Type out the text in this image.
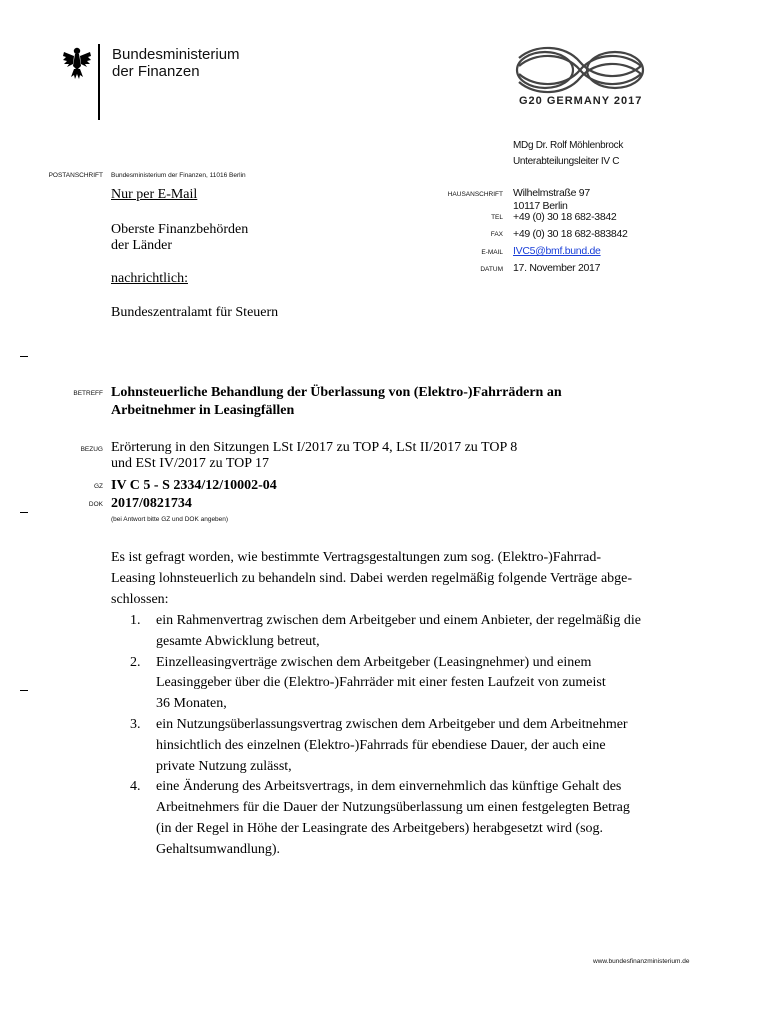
Bundesministerium
der Finanzen
G20 GERMANY 2017
MDg Dr. Rolf Möhlenbrock
Unterabteilungsleiter IV C
POSTANSCHRIFT Bundesministerium der Finanzen, 11016 Berlin
HAUSANSCHRIFT Wilhelmstraße 97
10117 Berlin
TEL +49 (0) 30 18 682-3842
FAX +49 (0) 30 18 682-883842
E-MAIL IVC5@bmf.bund.de
DATUM 17. November 2017
Nur per E-Mail
Oberste Finanzbehörden
der Länder
nachrichtlich:
Bundeszentralamt für Steuern
BETREFF Lohnsteuerliche Behandlung der Überlassung von (Elektro-)Fahrrädern an
Arbeitnehmer in Leasingfällen
BEZUG Erörterung in den Sitzungen LSt I/2017 zu TOP 4, LSt II/2017 zu TOP 8
und ESt IV/2017 zu TOP 17
GZ IV C 5 - S 2334/12/10002-04
DOK 2017/0821734
(bei Antwort bitte GZ und DOK angeben)
Es ist gefragt worden, wie bestimmte Vertragsgestaltungen zum sog. (Elektro-)Fahrrad-
Leasing lohnsteuerlich zu behandeln sind. Dabei werden regelmäßig folgende Verträge abge-
schlossen:
1. ein Rahmenvertrag zwischen dem Arbeitgeber und einem Anbieter, der regelmäßig die
gesamte Abwicklung betreut,
2. Einzelleasingverträge zwischen dem Arbeitgeber (Leasingnehmer) und einem
Leasinggeber über die (Elektro-)Fahrräder mit einer festen Laufzeit von zumeist
36 Monaten,
3. ein Nutzungsüberlassungsvertrag zwischen dem Arbeitgeber und dem Arbeitnehmer
hinsichtlich des einzelnen (Elektro-)Fahrrads für ebendiese Dauer, der auch eine
private Nutzung zulässt,
4. eine Änderung des Arbeitsvertrags, in dem einvernehmlich das künftige Gehalt des
Arbeitnehmers für die Dauer der Nutzungsüberlassung um einen festgelegten Betrag
(in der Regel in Höhe der Leasingrate des Arbeitgebers) herabgesetzt wird (sog.
Gehaltsumwandlung).
www.bundesfinanzministerium.de
